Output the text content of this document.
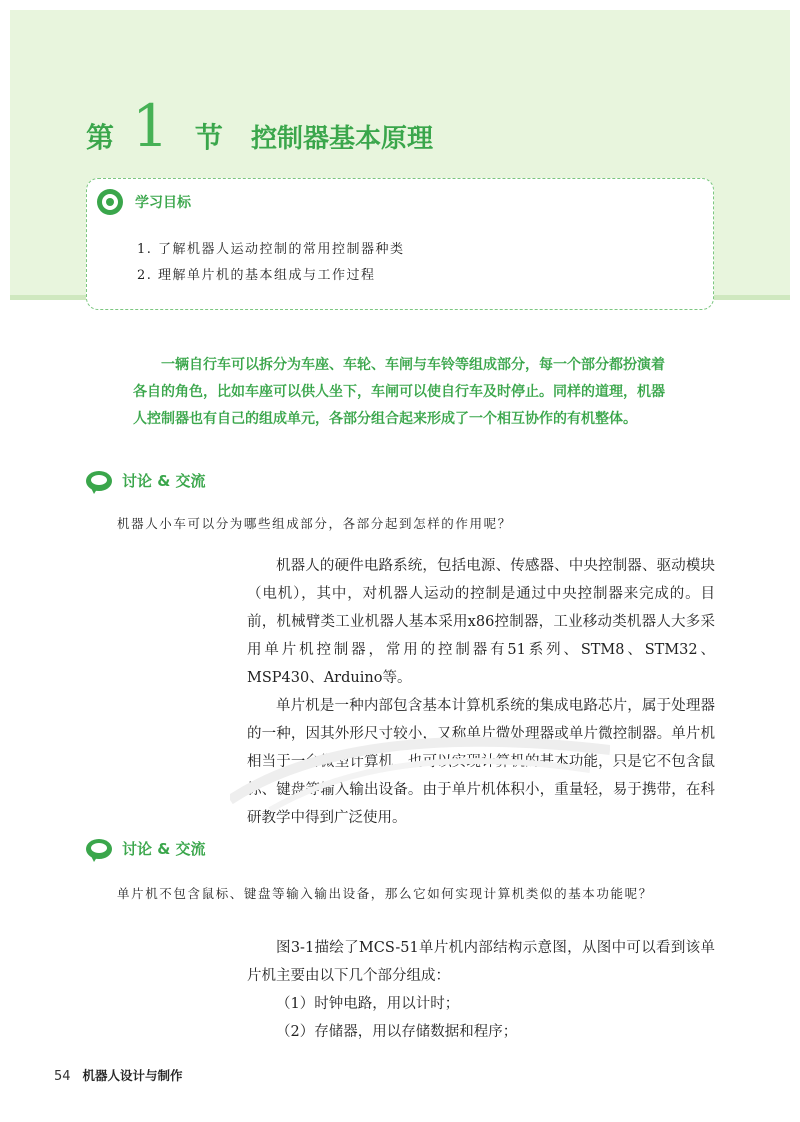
第 1 节 控制器基本原理
学习目标
1. 了解机器人运动控制的常用控制器种类
2. 理解单片机的基本组成与工作过程

一辆自行车可以拆分为车座、车轮、车闸与车铃等组成部分，每一个部分都扮演着各自的角色，比如车座可以供人坐下，车闸可以使自行车及时停止。同样的道理，机器人控制器也有自己的组成单元，各部分组合起来形成了一个相互协作的有机整体。

讨论 & 交流

机器人小车可以分为哪些组成部分，各部分起到怎样的作用呢？

机器人的硬件电路系统，包括电源、传感器、中央控制器、驱动模块（电机），其中，对机器人运动的控制是通过中央控制器来完成的。目前，机械臂类工业机器人基本采用x86控制器，工业移动类机器人大多采用单片机控制器，常用的控制器有51系列、STM8、STM32、MSP430、Arduino等。

单片机是一种内部包含基本计算机系统的集成电路芯片，属于处理器的一种，因其外形尺寸较小，又称单片微处理器或单片微控制器。单片机相当于一台微型计算机，也可以实现计算机的基本功能，只是它不包含鼠标、键盘等输入输出设备。由于单片机体积小，重量轻，易于携带，在科研教学中得到广泛使用。

讨论 & 交流

单片机不包含鼠标、键盘等输入输出设备，那么它如何实现计算机类似的基本功能呢？

图3-1描绘了MCS-51单片机内部结构示意图，从图中可以看到该单片机主要由以下几个部分组成：

（1）时钟电路，用以计时；

（2）存储器，用以存储数据和程序；

54 机器人设计与制作
